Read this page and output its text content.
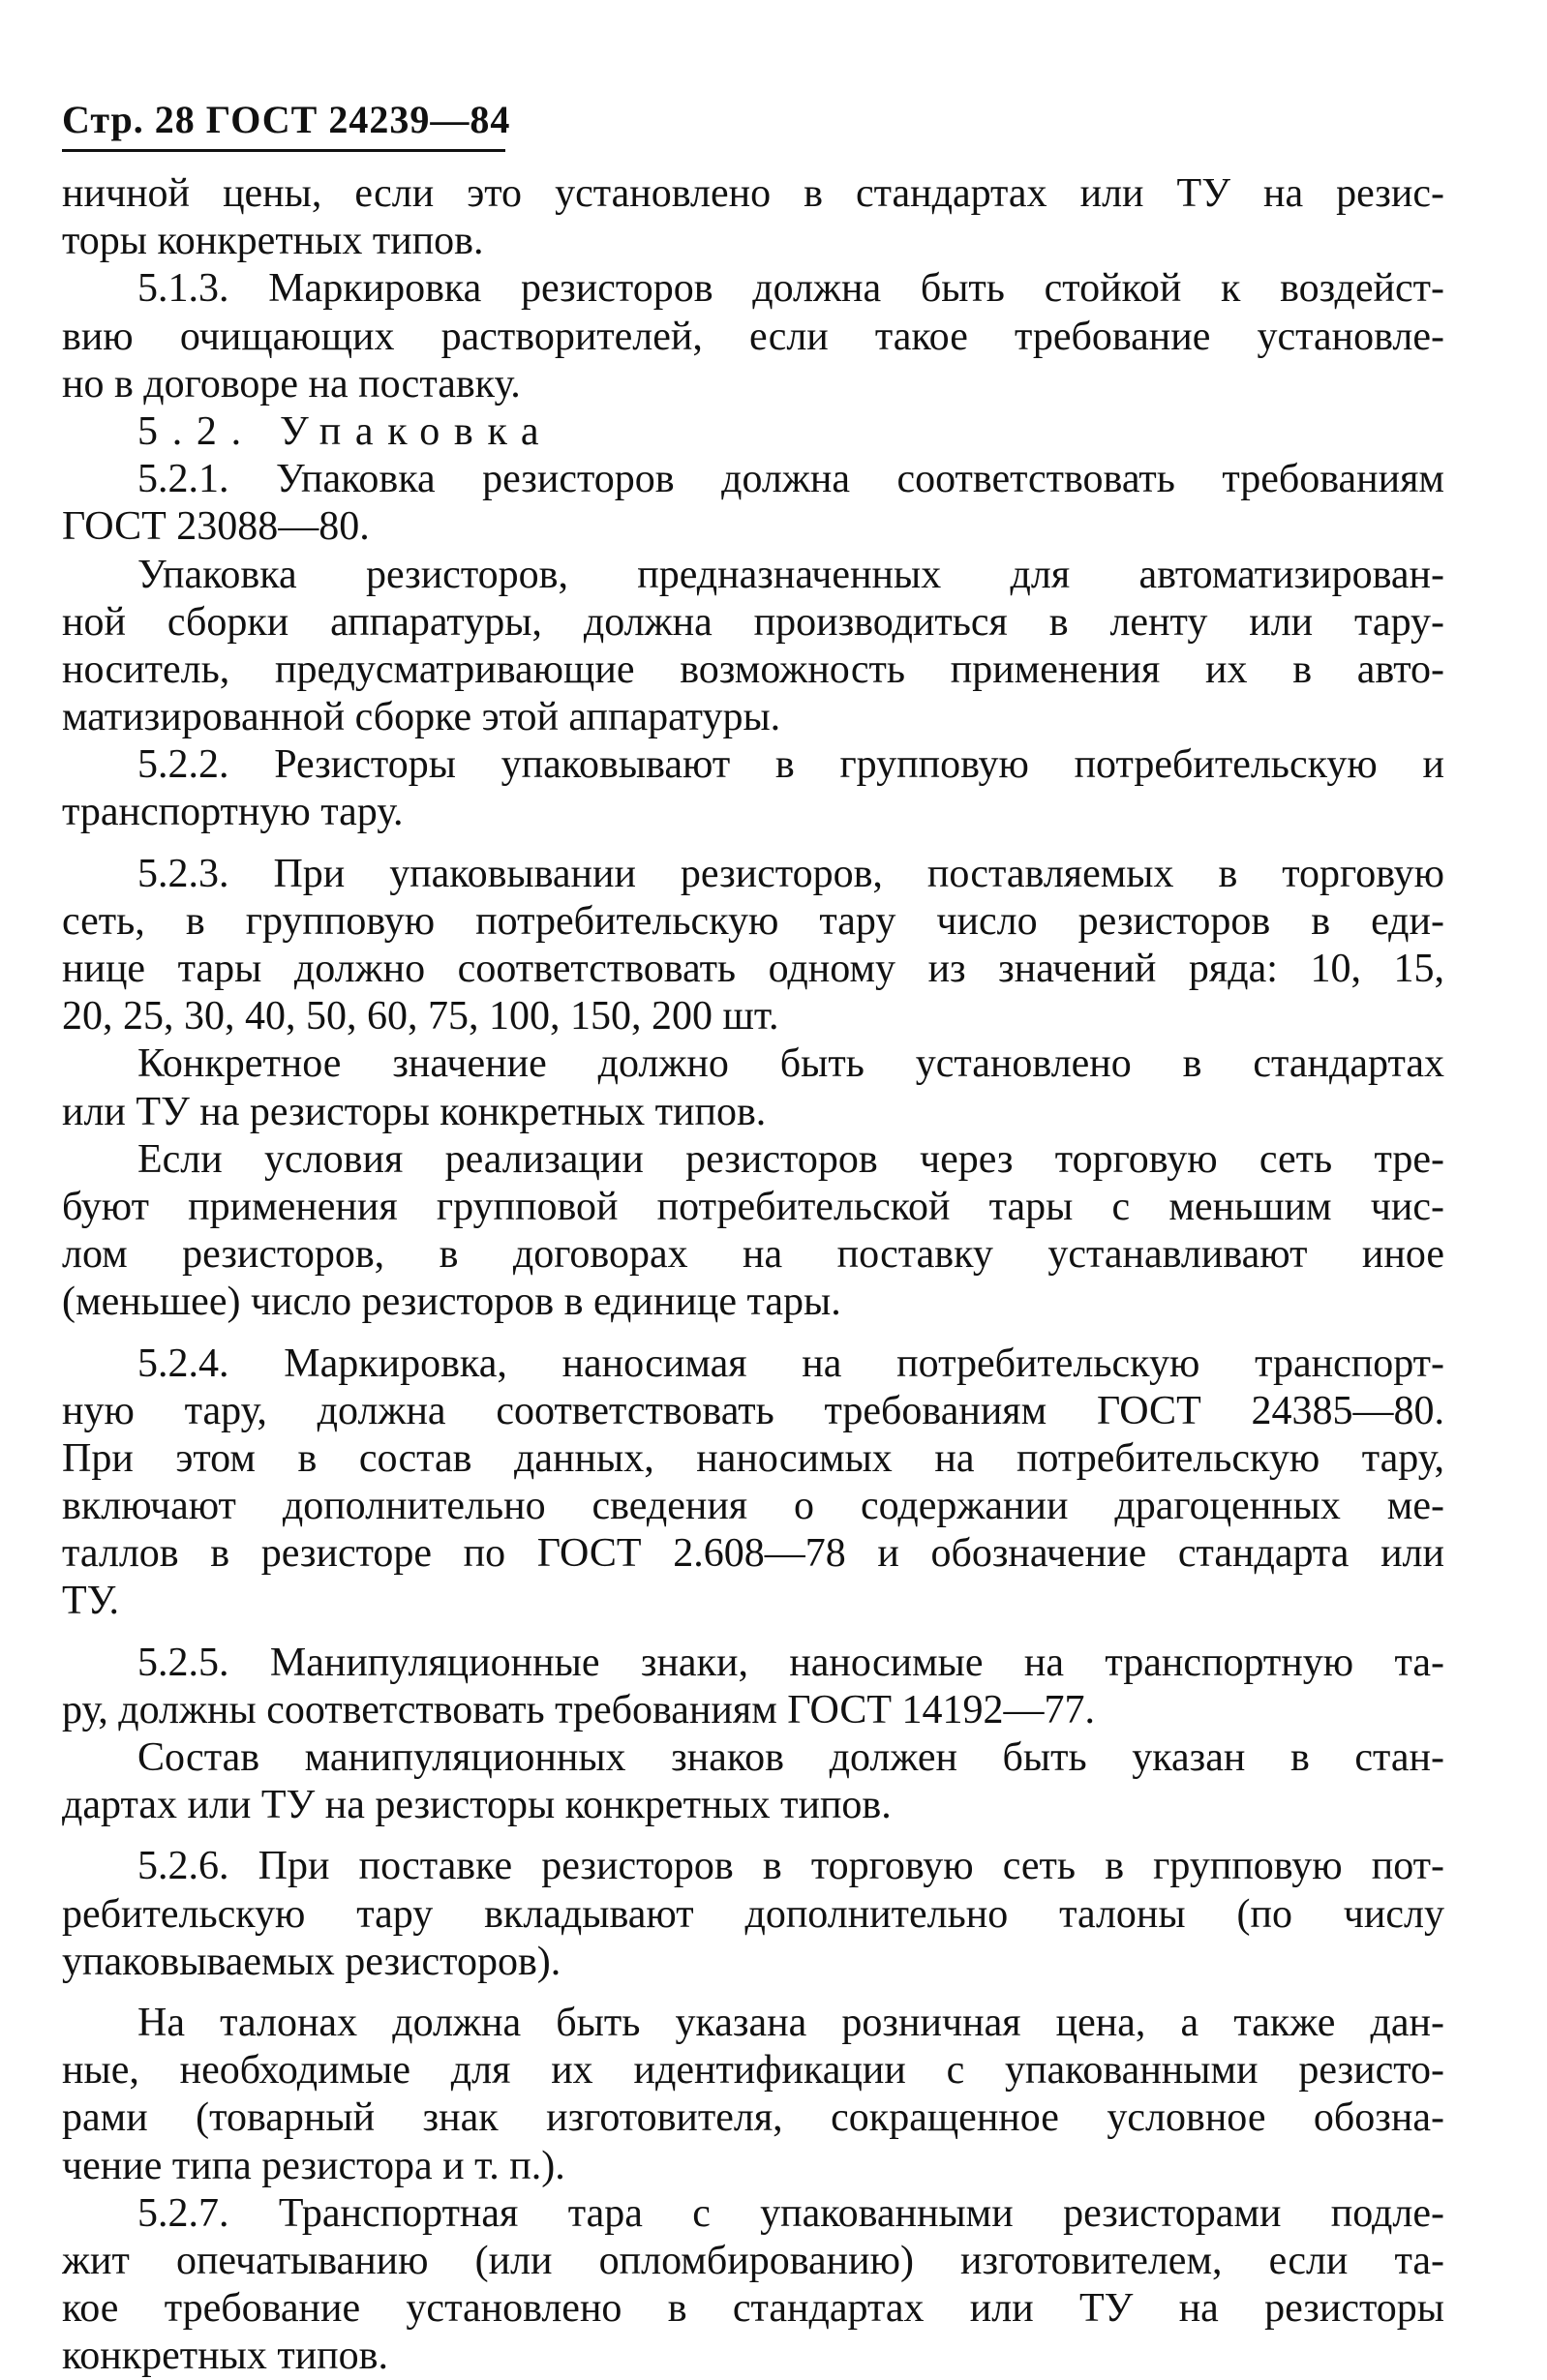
Стр. 28 ГОСТ 24239—84
ничной цены, если это установлено в стандартах или ТУ на резис-
торы конкретных типов.
5.1.3. Маркировка резисторов должна быть стойкой к воздейст-
вию очищающих растворителей, если такое требование установле-
но в договоре на поставку.
5.2. Упаковка
5.2.1. Упаковка резисторов должна соответствовать требованиям
ГОСТ 23088—80.
Упаковка резисторов, предназначенных для автоматизирован-
ной сборки аппаратуры, должна производиться в ленту или тару-
носитель, предусматривающие возможность применения их в авто-
матизированной сборке этой аппаратуры.
5.2.2. Резисторы упаковывают в групповую потребительскую и
транспортную тару.
5.2.3. При упаковывании резисторов, поставляемых в торговую
сеть, в групповую потребительскую тару число резисторов в еди-
нице тары должно соответствовать одному из значений ряда: 10, 15,
20, 25, 30, 40, 50, 60, 75, 100, 150, 200 шт.
Конкретное значение должно быть установлено в стандартах
или ТУ на резисторы конкретных типов.
Если условия реализации резисторов через торговую сеть тре-
буют применения групповой потребительской тары с меньшим чис-
лом резисторов, в договорах на поставку устанавливают иное
(меньшее) число резисторов в единице тары.
5.2.4. Маркировка, наносимая на потребительскую транспорт-
ную тару, должна соответствовать требованиям ГОСТ 24385—80.
При этом в состав данных, наносимых на потребительскую тару,
включают дополнительно сведения о содержании драгоценных ме-
таллов в резисторе по ГОСТ 2.608—78 и обозначение стандарта или
ТУ.
5.2.5. Манипуляционные знаки, наносимые на транспортную та-
ру, должны соответствовать требованиям ГОСТ 14192—77.
Состав манипуляционных знаков должен быть указан в стан-
дартах или ТУ на резисторы конкретных типов.
5.2.6. При поставке резисторов в торговую сеть в групповую пот-
ребительскую тару вкладывают дополнительно талоны (по числу
упаковываемых резисторов).
На талонах должна быть указана розничная цена, а также дан-
ные, необходимые для их идентификации с упакованными резисто-
рами (товарный знак изготовителя, сокращенное условное обозна-
чение типа резистора и т. п.).
5.2.7. Транспортная тара с упакованными резисторами подле-
жит опечатыванию (или опломбированию) изготовителем, если та-
кое требование установлено в стандартах или ТУ на резисторы
конкретных типов.
